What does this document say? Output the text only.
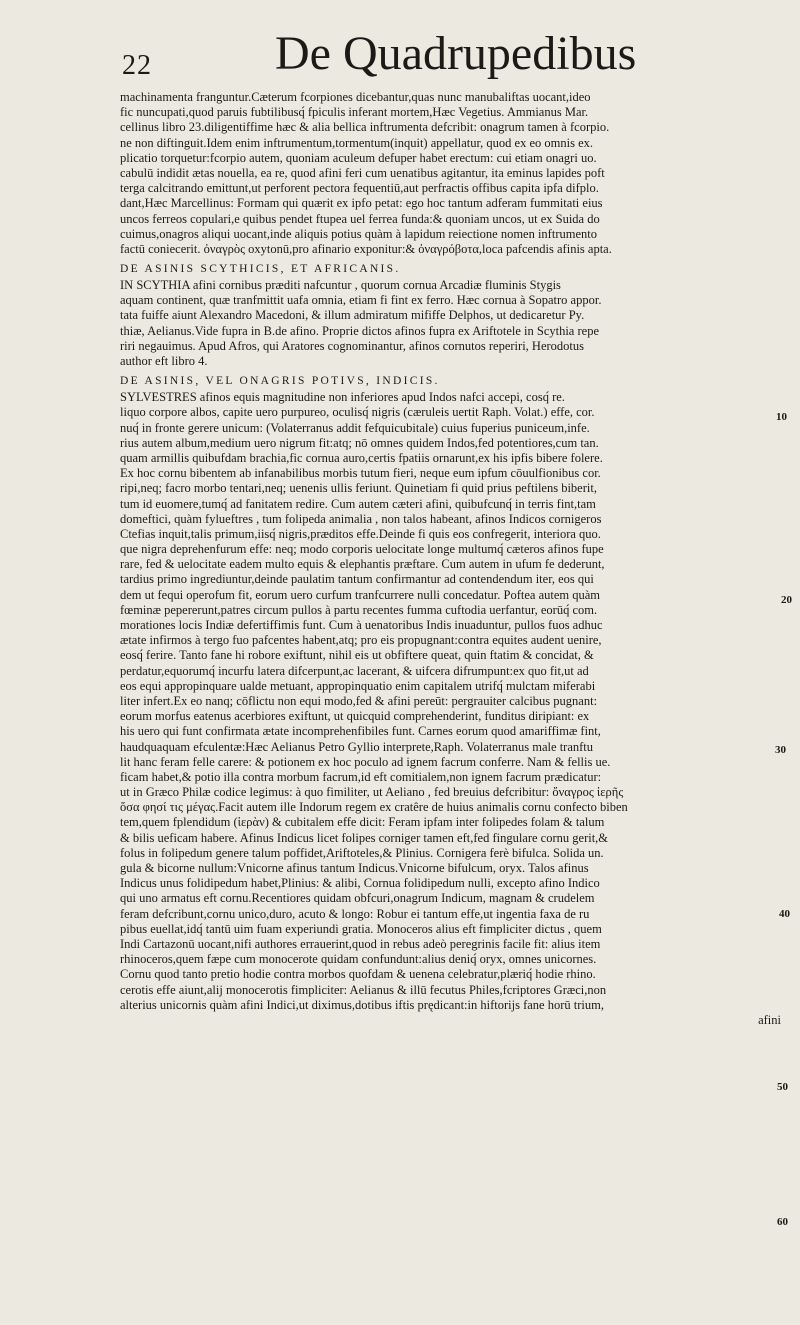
22	De Quadrupedibus
machinamenta franguntur.Cæterum fcorpiones dicebantur,quas nunc manubaliftas uocant,ideo
fic nuncupati,quod paruis fubtilibusq́ fpiculis inferant mortem,Hæc Vegetius. Ammianus Mar.
cellinus libro 23.diligentiffime hæc & alia bellica inftrumenta defcribit: onagrum tamen à fcorpio.
ne non diftinguit.Idem enim inftrumentum,tormentum(inquit) appellatur, quod ex eo omnis ex.
plicatio torquetur:fcorpio autem, quoniam aculeum defuper habet erectum: cui etiam onagri uo.
cabulū indidit ætas nouella, ea re, quod afini feri cum uenatibus agitantur, ita eminus lapides poft
terga calcitrando emittunt,ut perforent pectora fequentiū,aut perfractis offibus capita ipfa difplo.
dant,Hæc Marcellinus: Formam qui quærit ex ipfo petat: ego hoc tantum adferam fummitati eius
uncos ferreos copulari,e quibus pendet ftupea uel ferrea funda:& quoniam uncos, ut ex Suida do
cuimus,onagros aliqui uocant,inde aliquis potius quàm à lapidum reiectione nomen inftrumento
factū coniecerit. ὀναγρὸς oxytonū,pro afinario exponitur:& ὀναγρόβοτα,loca pafcendis afinis apta.
DE ASINIS SCYTHICIS, ET AFRICANIS.
IN SCYTHIA afini cornibus præditi nafcuntur , quorum cornua Arcadiæ fluminis Stygis
aquam continent, quæ tranfmittit uafa omnia, etiam fi fint ex ferro. Hæc cornua à Sopatro appor.
tata fuiffe aiunt Alexandro Macedoni, & illum admiratum mififfe Delphos, ut dedicaretur Py.
thiæ, Aelianus.Vide fupra in B.de afino. Proprie dictos afinos fupra ex Ariftotele in Scythia repe
riri negauimus. Apud Afros, qui Aratores cognominantur, afinos cornutos reperiri, Herodotus
author eft libro 4.
DE ASINIS, VEL ONAGRIS POTIVS, INDICIS.
SYLVESTRES afinos equis magnitudine non inferiores apud Indos nafci accepi, cosq́ re.
liquo corpore albos, capite uero purpureo, oculisq́ nigris (cæruleis uertit Raph. Volat.) effe, cor.
nuq́ in fronte gerere unicum: (Volaterranus addit fefquicubitale) cuius fuperius puniceum,infe.
rius autem album,medium uero nigrum fit:atq; nō omnes quidem Indos,fed potentiores,cum tan.
quam armillis quibufdam brachia,fic cornua auro,certis fpatiis ornarunt,ex his ipfis bibere folere.
Ex hoc cornu bibentem ab infanabilibus morbis tutum fieri, neque eum ipfum cōuulfionibus cor.
ripi,neq; facro morbo tentari,neq; uenenis ullis feriunt. Quinetiam fi quid prius peftilens biberit,
tum id euomere,tumq́ ad fanitatem redire. Cum autem cæteri afini, quibufcunq́ in terris fint,tam
domeftici, quàm fylueftres , tum folipeda animalia , non talos habeant, afinos Indicos cornigeros
Ctefias inquit,talis primum,iisq́ nigris,præditos effe.Deinde fi quis eos confregerit, interiora quo.
que nigra deprehenfurum effe: neq; modo corporis uelocitate longe multumq́ cæteros afinos fupe
rare, fed & uelocitate eadem multo equis & elephantis præftare. Cum autem in ufum fe dederunt,
tardius primo ingrediuntur,deinde paulatim tantum confirmantur ad contendendum iter, eos qui
dem ut fequi operofum fit, eorum uero curfum tranfcurrere nulli concedatur. Poftea autem quàm
fœminæ pepererunt,patres circum pullos à partu recentes fumma cuftodia uerfantur, eorūq́ com.
morationes locis Indiæ defertiffimis funt. Cum à uenatoribus Indis inuaduntur, pullos fuos adhuc
ætate infirmos à tergo fuo pafcentes habent,atq; pro eis propugnant:contra equites audent uenire,
eosq́ ferire. Tanto fane hi robore exiftunt, nihil eis ut obfiftere queat, quin ftatim & concidat, &
perdatur,equorumq́ incurfu latera difcerpunt,ac lacerant, & uifcera difrumpunt:ex quo fit,ut ad
eos equi appropinquare ualde metuant, appropinquatio enim capitalem utrifq́ mulctam miferabi
liter infert.Ex eo nanq; cōflictu non equi modo,fed & afini pereūt: pergrauiter calcibus pugnant:
eorum morfus eatenus acerbiores exiftunt, ut quicquid comprehenderint, funditus diripiant: ex
his uero qui funt confirmata ætate incomprehenfibiles funt. Carnes eorum quod amariffimæ fint,
haudquaquam efculentæ:Hæc Aelianus Petro Gyllio interprete,Raph. Volaterranus male tranftu
lit hanc feram felle carere: & potionem ex hoc poculo ad ignem facrum conferre. Nam & fellis ue.
ficam habet,& potio illa contra morbum facrum,id eft comitialem,non ignem facrum prædicatur:
ut in Græco Philæ codice legimus: à quo fimiliter, ut Aeliano , fed breuius defcribitur: ὄναγρος ἱερῆς
ὅσα φησί τις μέγας.Facit autem ille Indorum regem ex cratêre de huius animalis cornu confecto biben
tem,quem fplendidum (ἱερὰν) & cubitalem effe dicit: Feram ipfam inter folipedes folam & talum
& bilis ueficam habere. Afinus Indicus licet folipes corniger tamen eft,fed fingulare cornu gerit,&
folus in folipedum genere talum poffidet,Ariftoteles,& Plinius. Cornigera ferè bifulca. Solida un.
gula & bicorne nullum:Vnicorne afinus tantum Indicus.Vnicorne bifulcum, oryx. Talos afinus
Indicus unus folidipedum habet,Plinius: & alibi, Cornua folidipedum nulli, excepto afino Indico
qui uno armatus eft cornu.Recentiores quidam obfcuri,onagrum Indicum, magnam & crudelem
feram defcribunt,cornu unico,duro, acuto & longo: Robur ei tantum effe,ut ingentia faxa de ru
pibus euellat,idq́ tantū uim fuam experiundi gratia. Monoceros alius eft fimpliciter dictus , quem
Indi Cartazonū uocant,nifi authores errauerint,quod in rebus adeò peregrinis facile fit: alius item
rhinoceros,quem fæpe cum monocerote quidam confundunt:alius deniq́ oryx, omnes unicornes.
Cornu quod tanto pretio hodie contra morbos quofdam & uenena celebratur,plæriq́ hodie rhino.
cerotis effe aiunt,alij monocerotis fimpliciter: Aelianus & illū fecutus Philes,fcriptores Græci,non
alterius unicornis quàm afini Indici,ut diximus,dotibus iftis prędicant:in hiftorijs fane horū trium,
afini
10
20
30
40
50
60
